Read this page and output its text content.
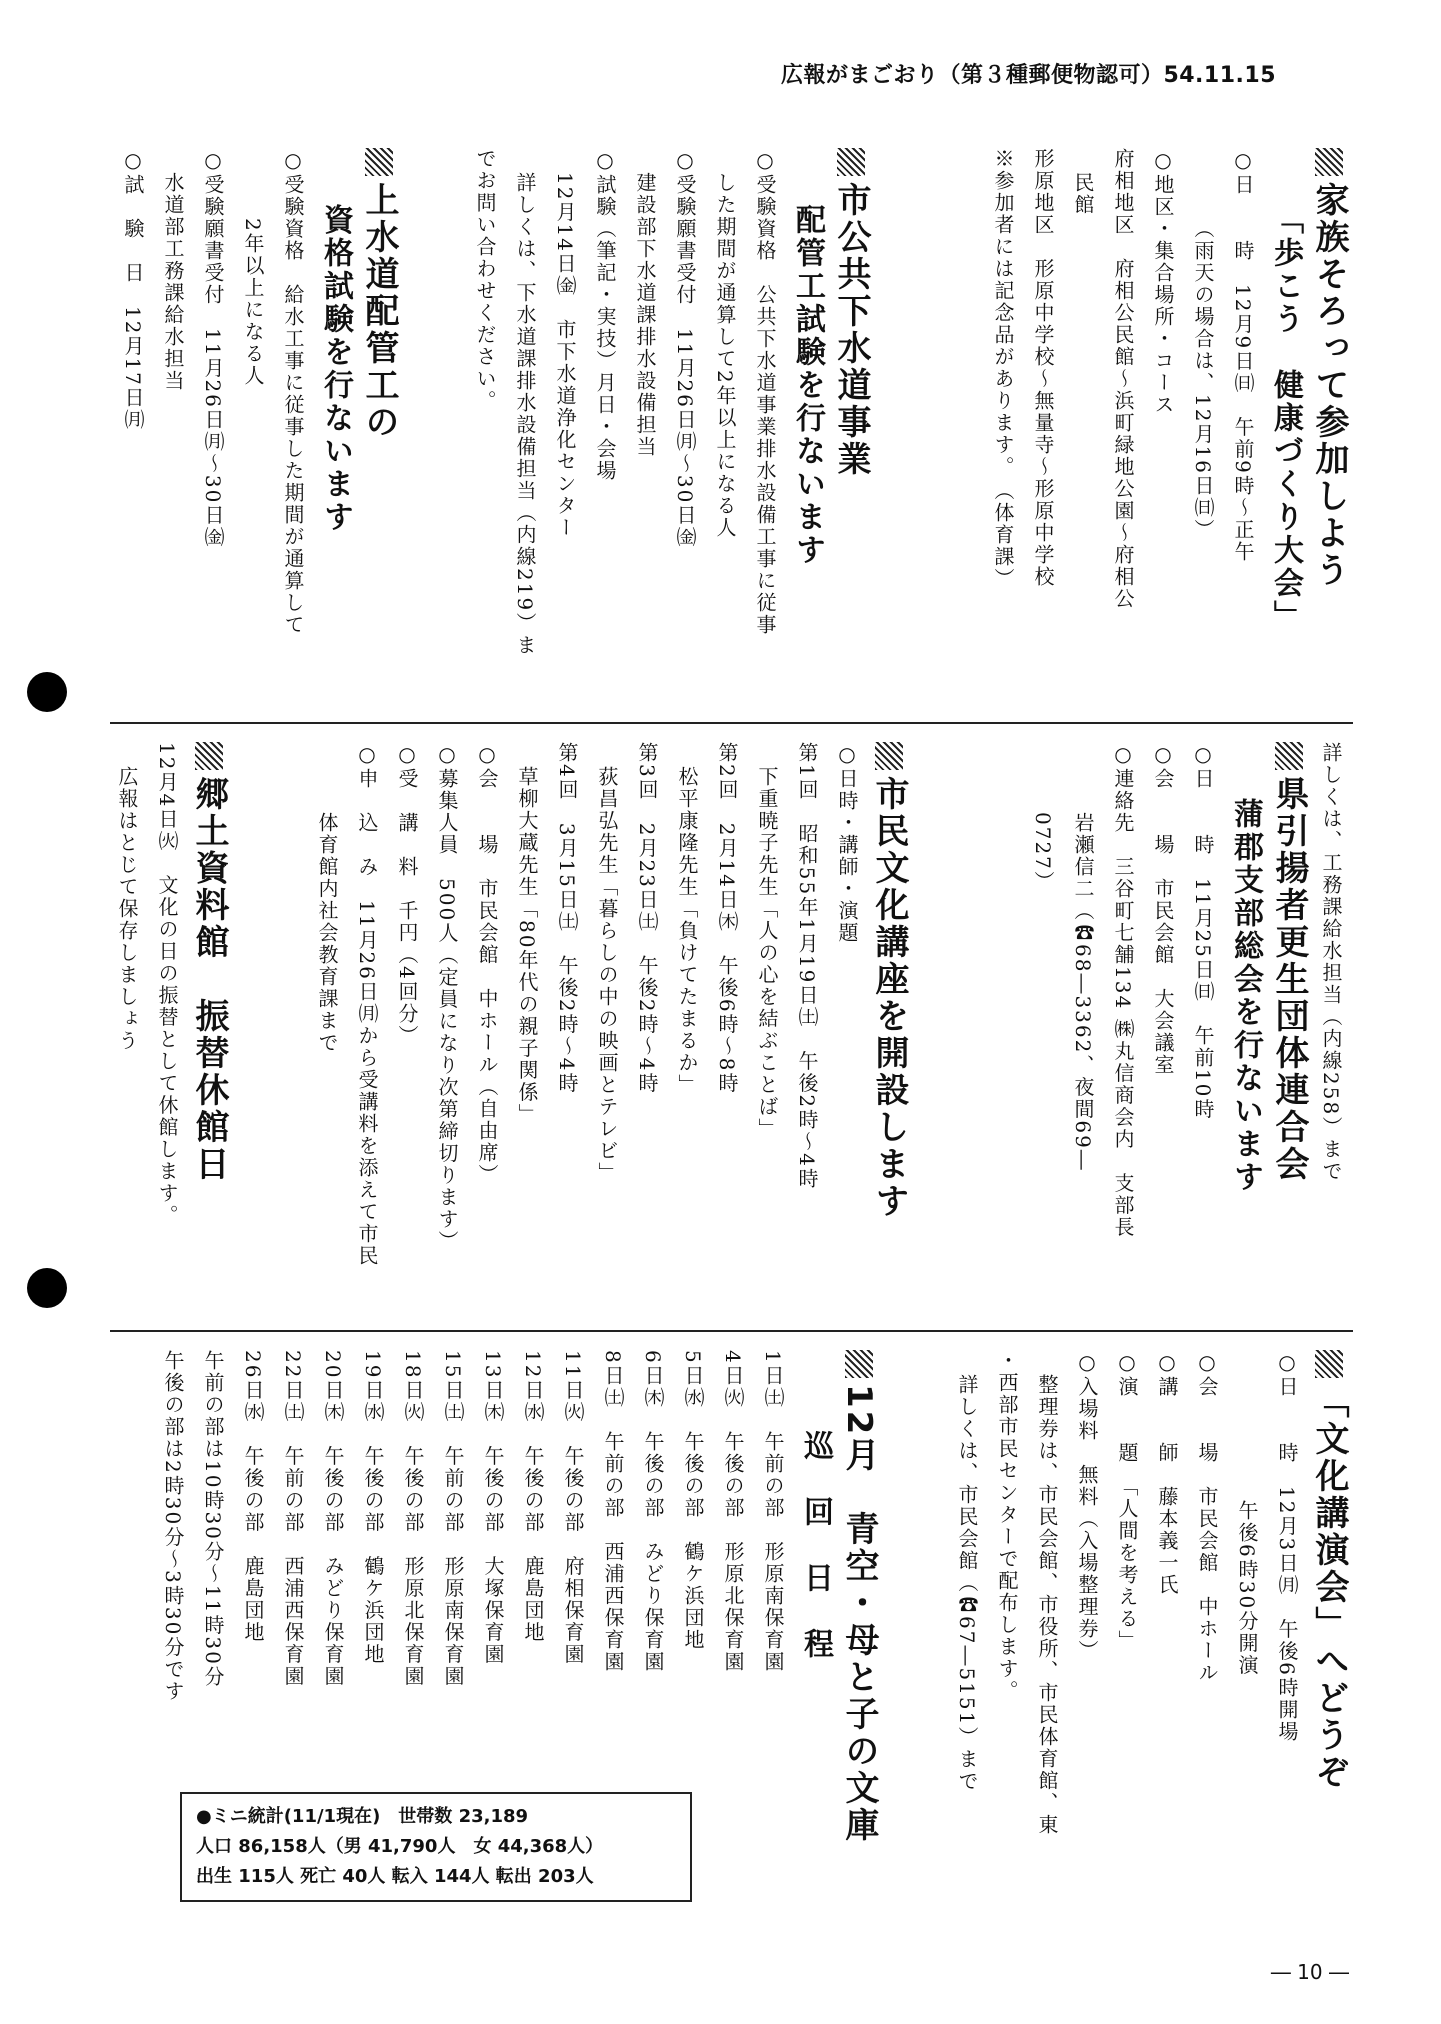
広報がまごおり（第３種郵便物認可）54.11.15

家族そろって参加しよう

「歩こう　健康づくり大会」

○日　　時　12月9日㈰　午前9時～正午

（雨天の場合は、12月16日㈰）

○地区・集合場所・コース

府相地区　府相公民館～浜町緑地公園～府相公

民館

形原地区　形原中学校～無量寺～形原中学校

※参加者には記念品があります。　（体育課）

市公共下水道事業

配管工試験を行ないます

○受験資格　公共下水道事業排水設備工事に従事

した期間が通算して2年以上になる人

○受験願書受付　11月26日㈪～30日㈮

建設部下水道課排水設備担当

○試験（筆記・実技）月日・会場

12月14日㈮　市下水道浄化センター

詳しくは、下水道課排水設備担当（内線219）ま

でお問い合わせください。

上水道配管工の

資格試験を行ないます

○受験資格　給水工事に従事した期間が通算して

2年以上になる人

○受験願書受付　11月26日㈪～30日㈮

水道部工務課給水担当

○試　験　日　12月17日㈪

詳しくは、工務課給水担当（内線258）まで

県引揚者更生団体連合会

蒲郡支部総会を行ないます

○日　　時　11月25日㈰　午前10時

○会　　場　市民会館　大会議室

○連絡先　三谷町七舗134 ㈱丸信商会内　支部長

岩瀬信二（☎68―3362、夜間69―

0727）

市民文化講座を開設します

○日時・講師・演題

第1回　昭和55年1月19日㈯　午後2時～4時

下重暁子先生「人の心を結ぶことば」

第2回　2月14日㈭　午後6時～8時

松平康隆先生「負けてたまるか」

第3回　2月23日㈯　午後2時～4時

荻昌弘先生「暮らしの中の映画とテレビ」

第4回　3月15日㈯　午後2時～4時

草柳大蔵先生「80年代の親子関係」

○会　　場　市民会館　中ホール（自由席）

○募集人員　500人（定員になり次第締切ります）

○受　講　料　千円（4回分）

○申　込　み　11月26日㈪から受講料を添えて市民

体育館内社会教育課まで

郷土資料館　振替休館日

12月4日㈫　文化の日の振替として休館します。

広報はとじて保存しましょう

「文化講演会」へどうぞ

○日　　時　12月3日㈪　午後6時開場

午後6時30分開演

○会　　場　市民会館　中ホール

○講　　師　藤本義一氏

○演　　題　「人間を考える」

○入場料　無料（入場整理券）

整理券は、市民会館、市役所、市民体育館、東

・西部市民センターで配布します。

詳しくは、市民会館（☎67―5151）まで

12月　青空・母と子の文庫

巡　回　日　程

1日㈯　午前の部　形原南保育園

4日㈫　午後の部　形原北保育園

5日㈬　午後の部　鶴ケ浜団地

6日㈭　午後の部　みどり保育園

8日㈯　午前の部　西浦西保育園

11日㈫　午後の部　府相保育園

12日㈬　午後の部　鹿島団地

13日㈭　午後の部　大塚保育園

15日㈯　午前の部　形原南保育園

18日㈫　午後の部　形原北保育園

19日㈬　午後の部　鶴ケ浜団地

20日㈭　午後の部　みどり保育園

22日㈯　午前の部　西浦西保育園

26日㈬　午後の部　鹿島団地

午前の部は10時30分～11時30分

午後の部は2時30分～3時30分です

●ミニ統計(11/1現在)　世帯数 23,189
人口 86,158人（男 41,790人　女 44,368人）
出生 115人 死亡 40人 転入 144人 転出 203人
― 10 ―
